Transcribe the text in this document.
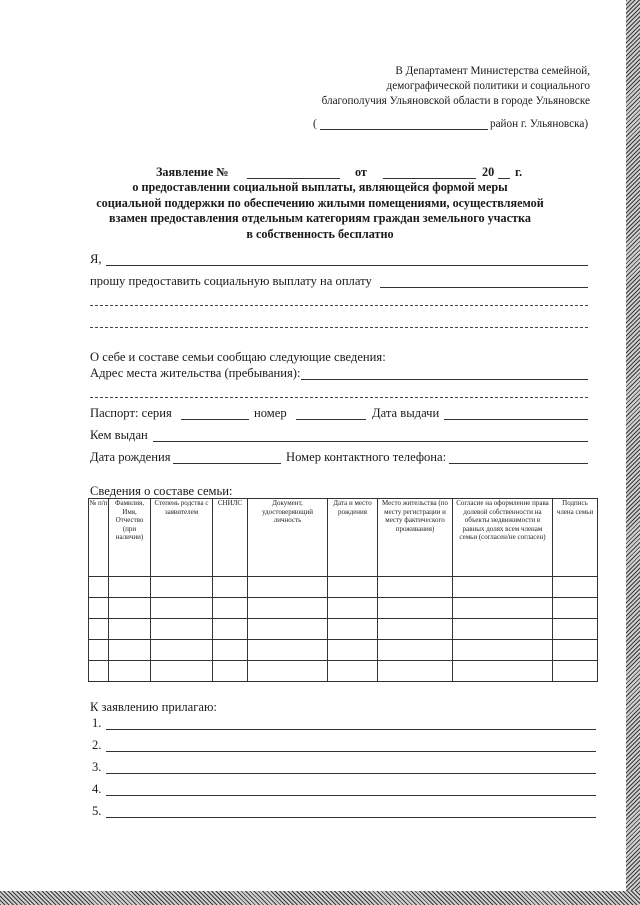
В Департамент Министерства семейной,
демографической политики и социального
благополучия Ульяновской области в городе Ульяновске
(	район г. Ульяновска)
Заявление №	от	20 г.
о предоставлении социальной выплаты, являющейся формой меры
социальной поддержки по обеспечению жилыми помещениями, осуществляемой
взамен предоставления отдельным категориям граждан земельного участка
в собственность бесплатно
Я,
прошу предоставить социальную выплату на оплату
О себе и составе семьи сообщаю следующие сведения:
Адрес места жительства (пребывания):
Паспорт: серия	номер	Дата выдачи
Кем выдан
Дата рождения	Номер контактного телефона:
Сведения о составе семьи:
№ п/п	Фамилия, Имя, Отчество (при наличии)	Степень родства с заявителем	СНИЛС	Документ, удостоверяющий личность	Дата и место рождения	Место жительства (по месту регистрации и месту фактического проживания)	Согласие на оформление права долевой собственности на объекты недвижимости в равных долях всем членам семьи (согласен/не согласен)	Подпись члена семьи

К заявлению прилагаю:
1.
2.
3.
4.
5.
